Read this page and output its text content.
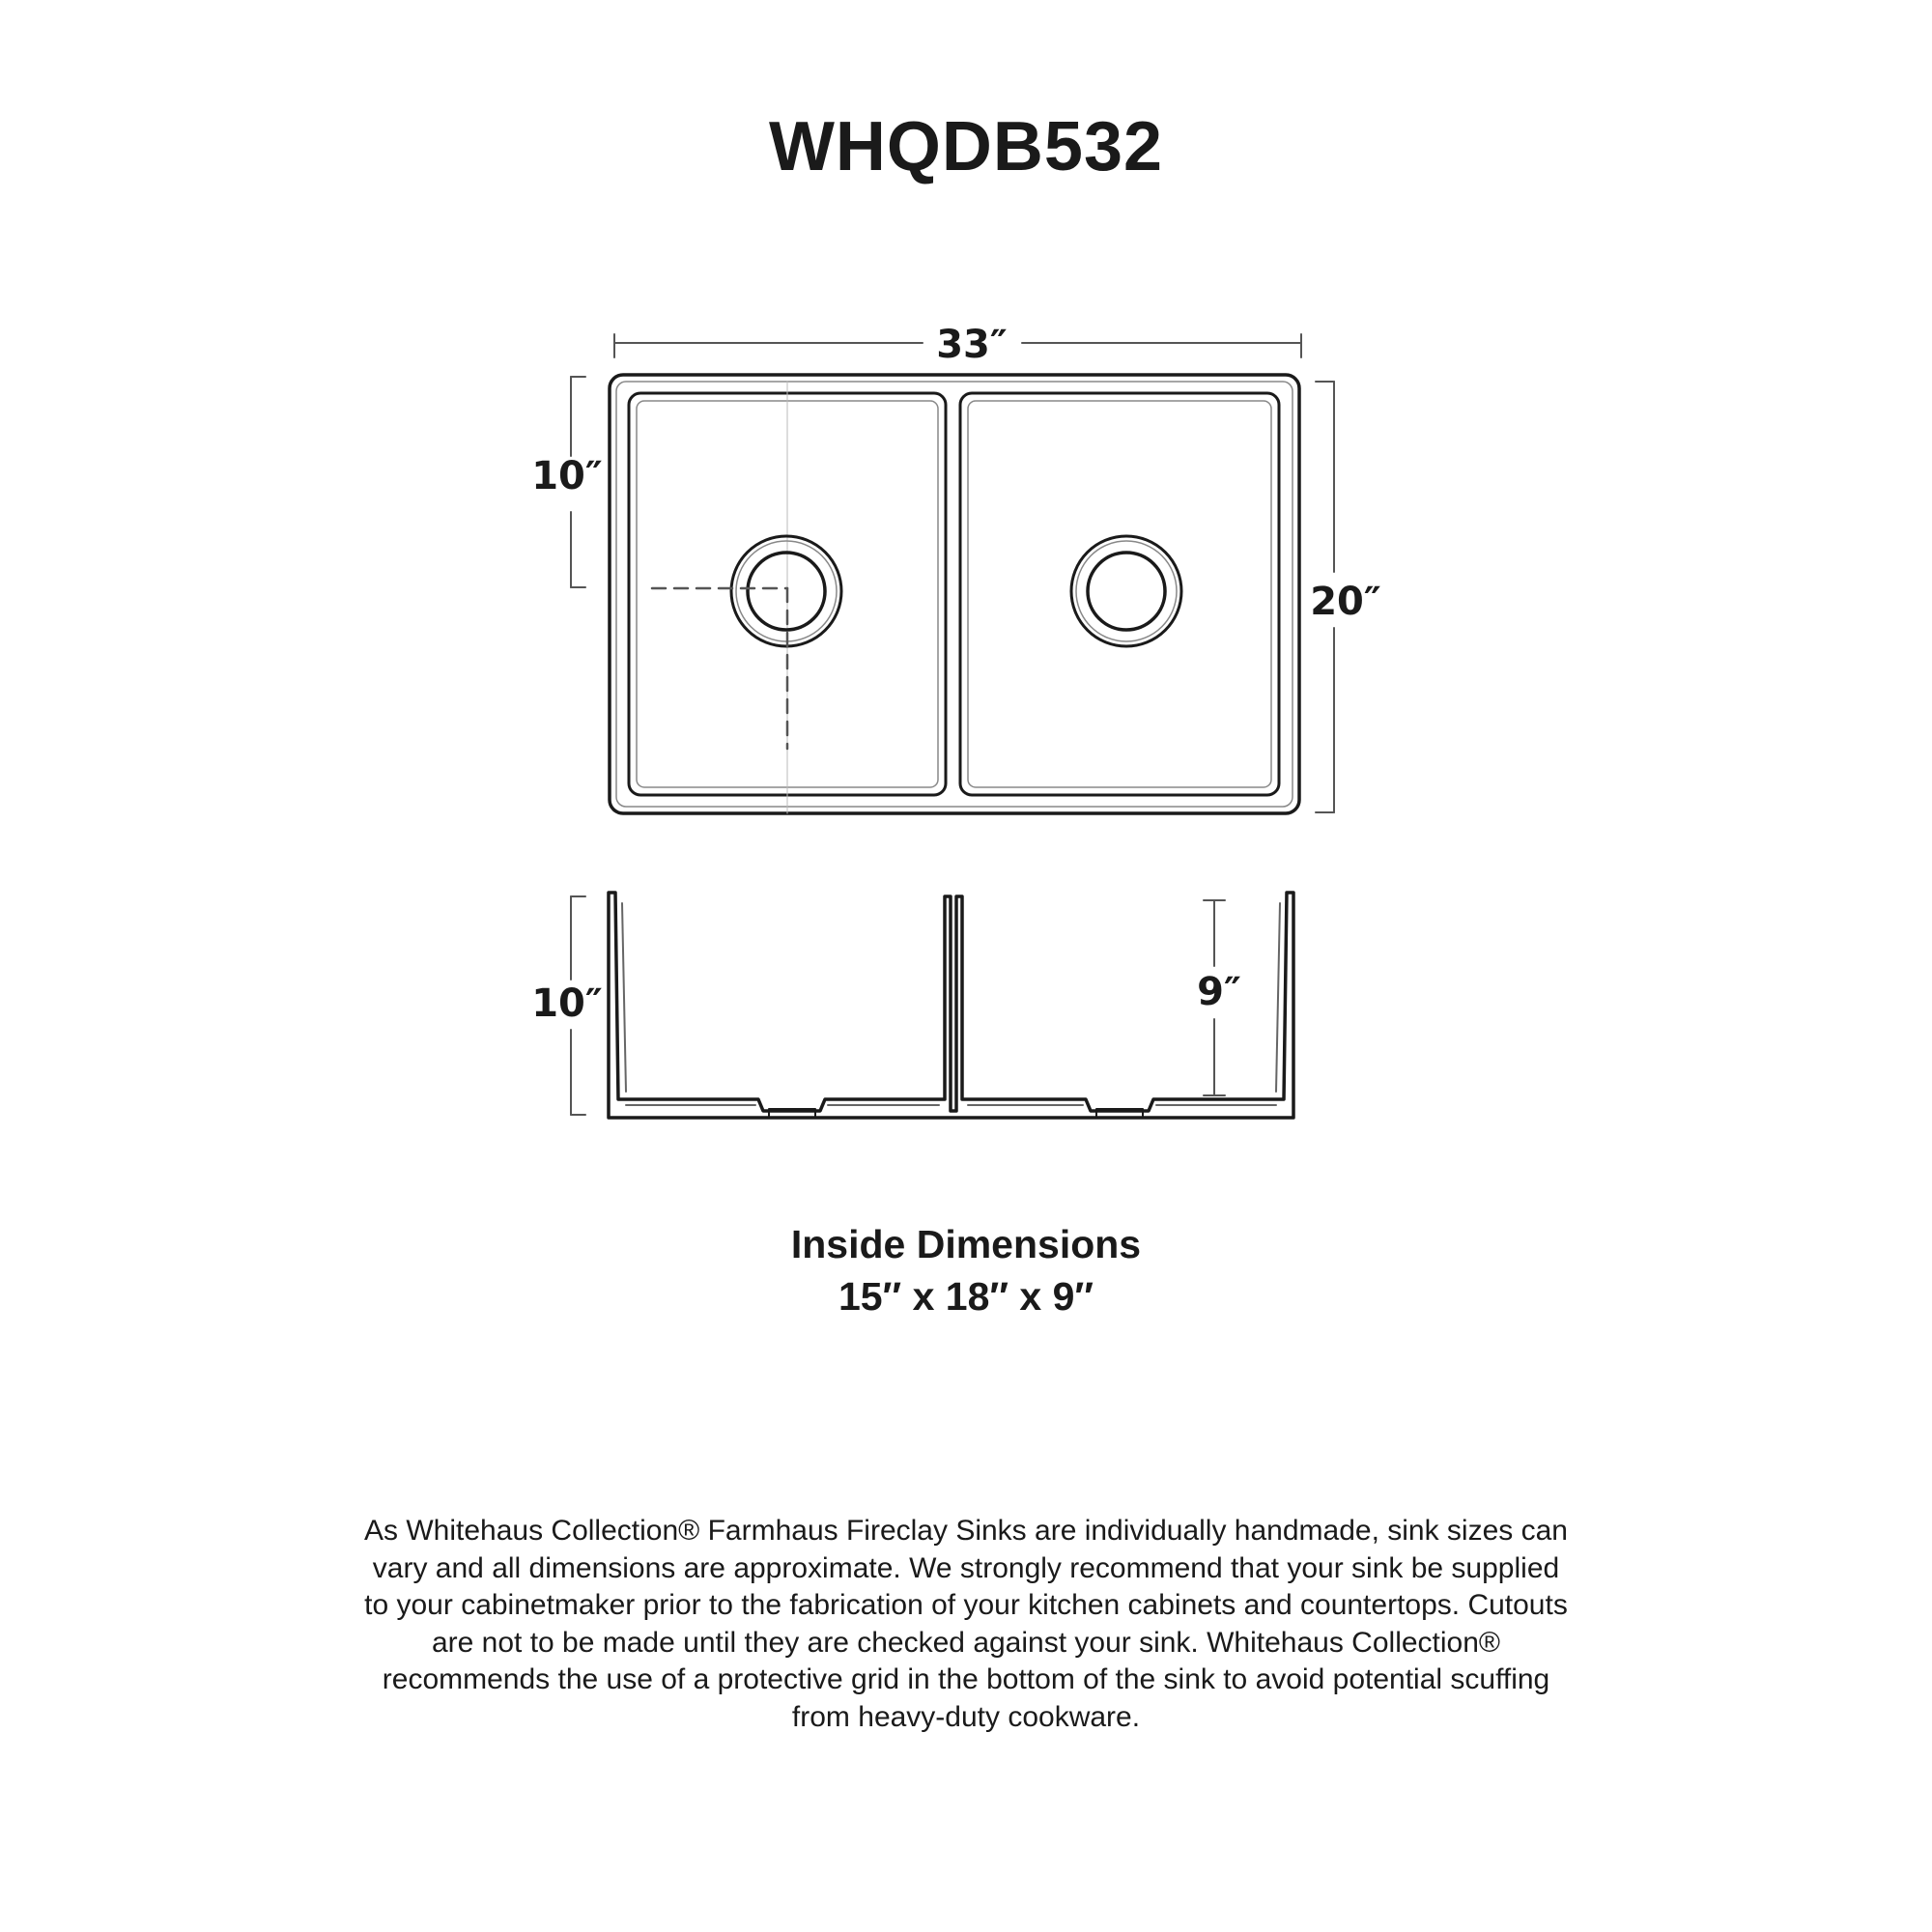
WHQDB532
33″
10″
20″
10″	9″
Inside Dimensions
15″ x 18″ x 9″
As Whitehaus Collection® Farmhaus Fireclay Sinks are individually handmade, sink sizes can vary and all dimensions are approximate. We strongly recommend that your sink be supplied to your cabinetmaker prior to the fabrication of your kitchen cabinets and countertops. Cutouts are not to be made until they are checked against your sink. Whitehaus Collection® recommends the use of a protective grid in the bottom of the sink to avoid potential scuffing from heavy-duty cookware.
